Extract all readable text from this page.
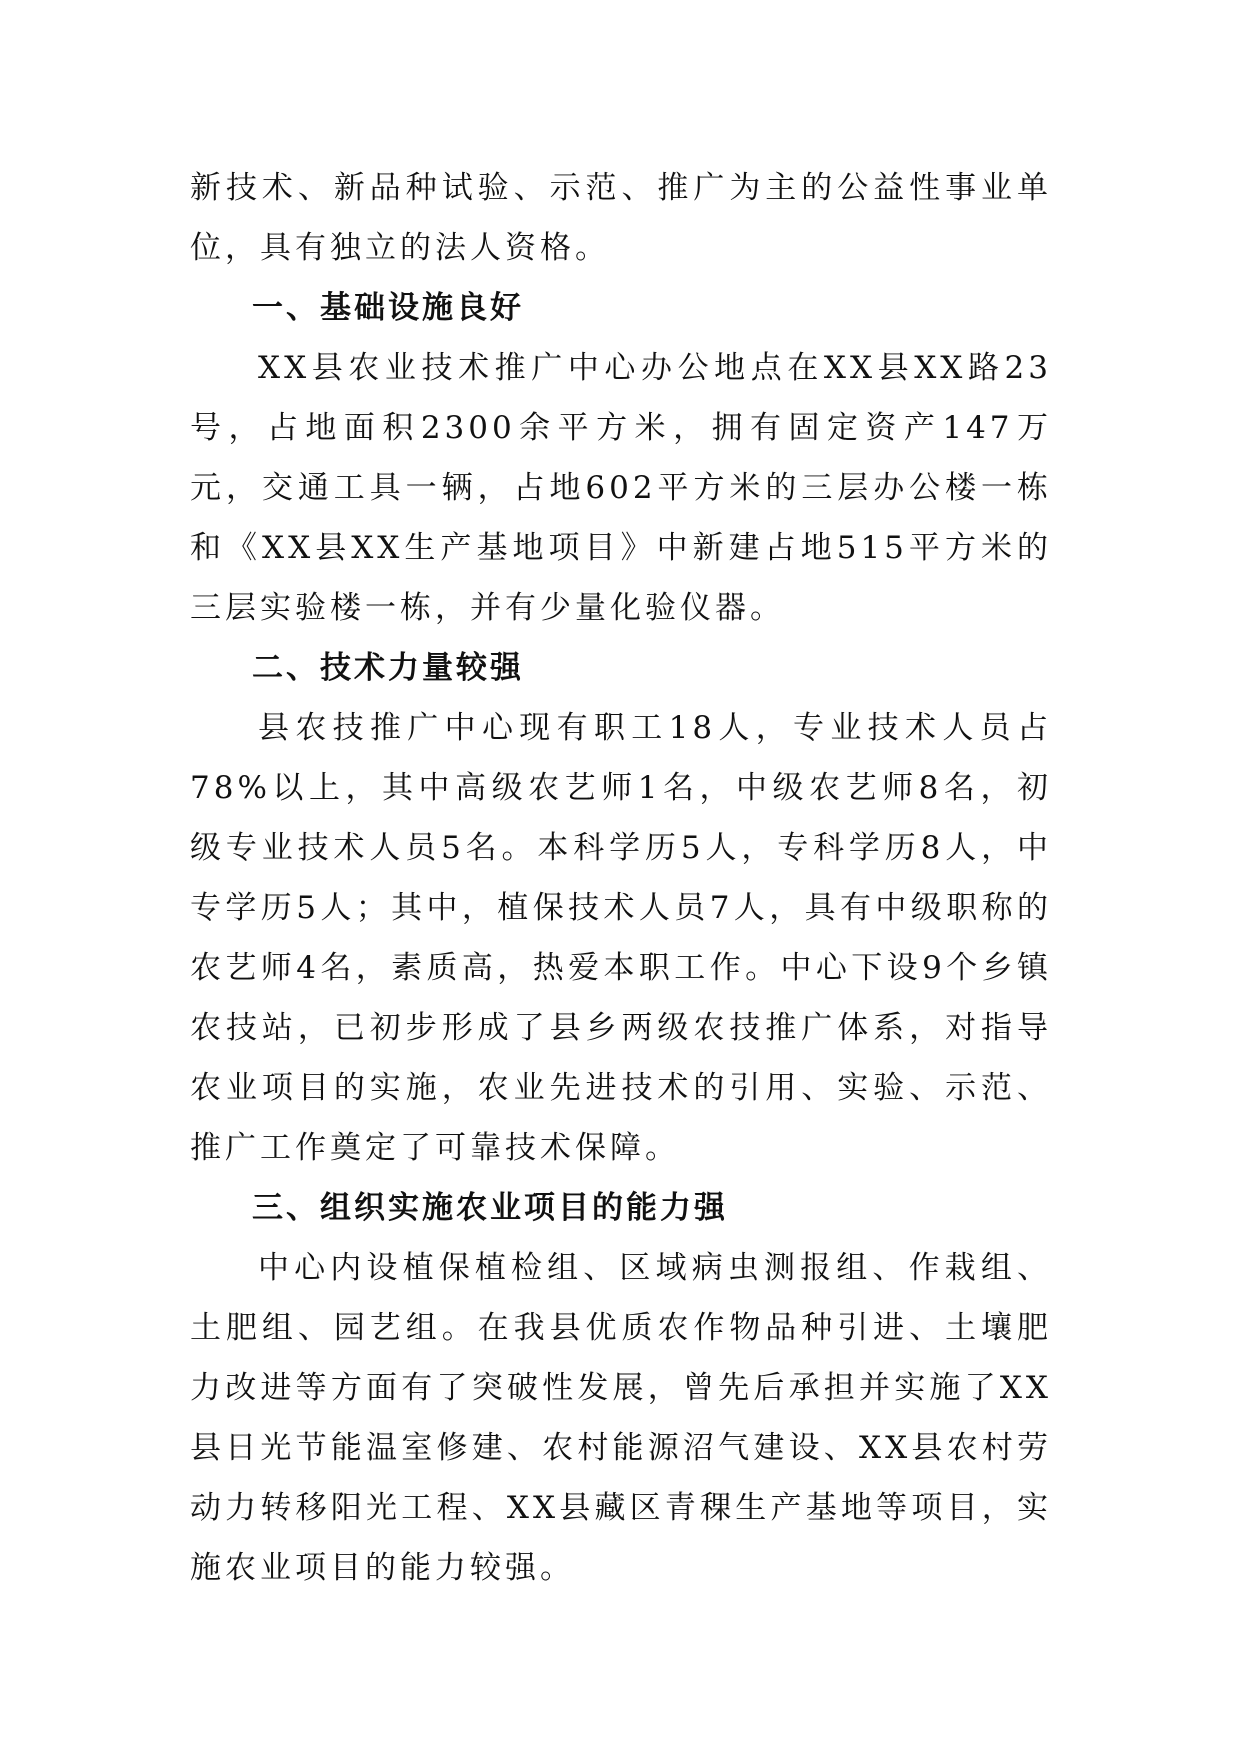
新技术、新品种试验、示范、推广为主的公益性事业单位，具有独立的法人资格。

一、基础设施良好

XX县农业技术推广中心办公地点在XX县XX路23号，占地面积2300余平方米，拥有固定资产147万元，交通工具一辆，占地602平方米的三层办公楼一栋和《XX县XX生产基地项目》中新建占地515平方米的三层实验楼一栋，并有少量化验仪器。

二、技术力量较强

县农技推广中心现有职工18人，专业技术人员占78%以上，其中高级农艺师1名，中级农艺师8名，初级专业技术人员5名。本科学历5人，专科学历8人，中专学历5人；其中，植保技术人员7人，具有中级职称的农艺师4名，素质高，热爱本职工作。中心下设9个乡镇农技站，已初步形成了县乡两级农技推广体系，对指导农业项目的实施，农业先进技术的引用、实验、示范、推广工作奠定了可靠技术保障。

三、组织实施农业项目的能力强

中心内设植保植检组、区域病虫测报组、作栽组、土肥组、园艺组。在我县优质农作物品种引进、土壤肥力改进等方面有了突破性发展，曾先后承担并实施了XX县日光节能温室修建、农村能源沼气建设、XX县农村劳动力转移阳光工程、XX县藏区青稞生产基地等项目，实施农业项目的能力较强。
